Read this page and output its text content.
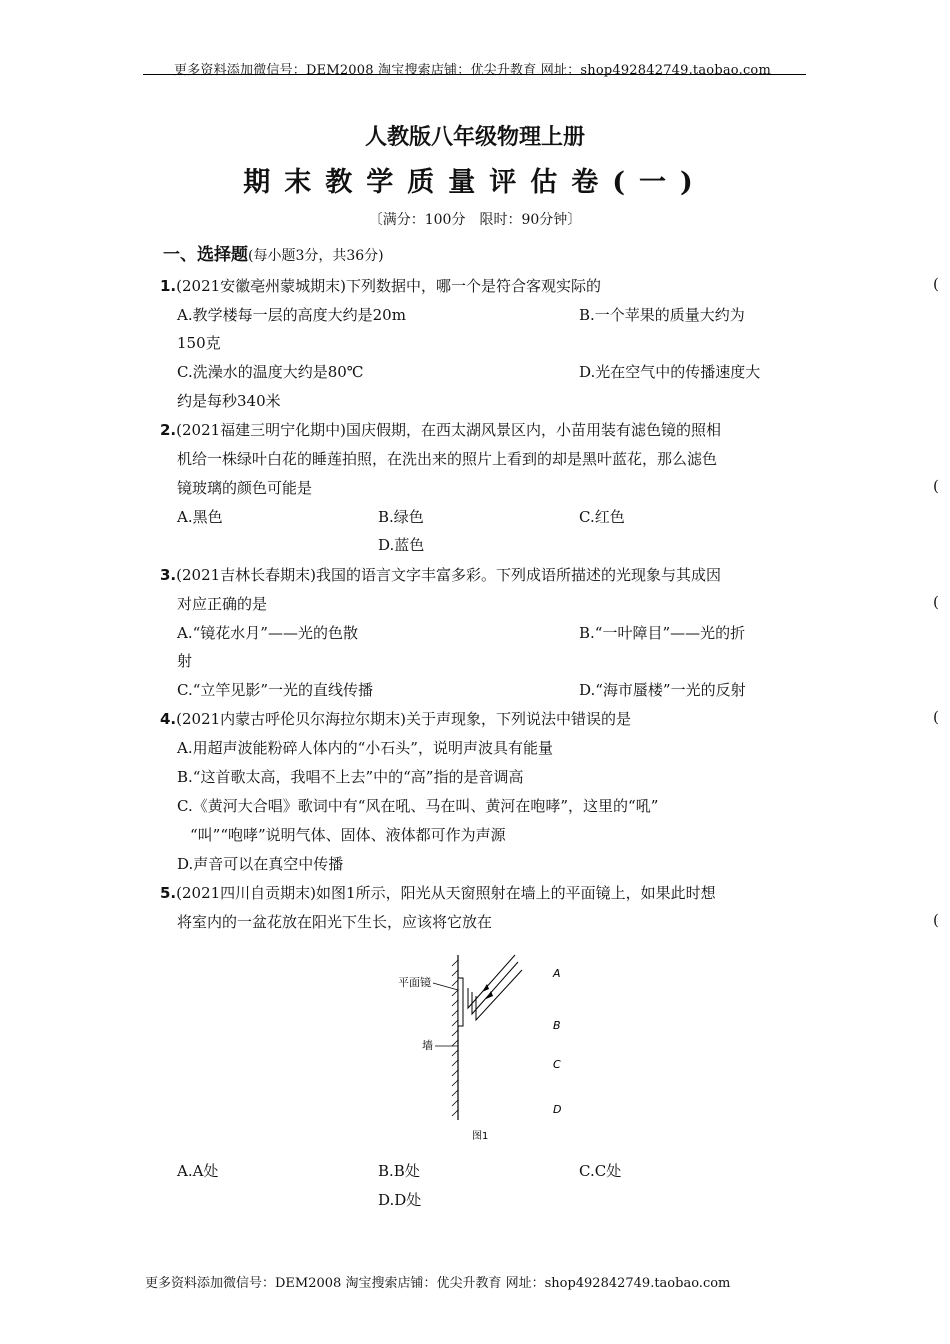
更多资料添加微信号：DEM2008 淘宝搜索店铺：优尖升教育 网址：shop492842749.taobao.com
人教版八年级物理上册
期末教学质量评估卷(一)
〔满分：100分　限时：90分钟〕
一、选择题(每小题3分，共36分)
1.(2021安徽亳州蒙城期末)下列数据中，哪一个是符合客观实际的	(
A.教学楼每一层的高度大约是20m	B.一个苹果的质量大约为
150克
C.洗澡水的温度大约是80℃	D.光在空气中的传播速度大
约是每秒340米
2.(2021福建三明宁化期中)国庆假期，在西太湖风景区内，小苗用装有滤色镜的照相
机给一株绿叶白花的睡莲拍照，在洗出来的照片上看到的却是黑叶蓝花，那么滤色
镜玻璃的颜色可能是	(
A.黑色	B.绿色	C.红色
D.蓝色
3.(2021吉林长春期末)我国的语言文字丰富多彩。下列成语所描述的光现象与其成因
对应正确的是	(
A.“镜花水月”——光的色散	B.“一叶障目”——光的折
射
C.“立竿见影”一光的直线传播	D.“海市蜃楼”一光的反射
4.(2021内蒙古呼伦贝尔海拉尔期末)关于声现象，下列说法中错误的是	(
A.用超声波能粉碎人体内的“小石头”，说明声波具有能量
B.“这首歌太高，我唱不上去”中的“高”指的是音调高
C.《黄河大合唱》歌词中有“风在吼、马在叫、黄河在咆哮”，这里的“吼”
“叫”“咆哮”说明气体、固体、液体都可作为声源
D.声音可以在真空中传播
5.(2021四川自贡期末)如图1所示，阳光从天窗照射在墙上的平面镜上，如果此时想
将室内的一盆花放在阳光下生长，应该将它放在	(
平面镜
墙
A
B
C
D
图1
A.A处	B.B处	C.C处
D.D处
更多资料添加微信号：DEM2008 淘宝搜索店铺：优尖升教育 网址：shop492842749.taobao.com
